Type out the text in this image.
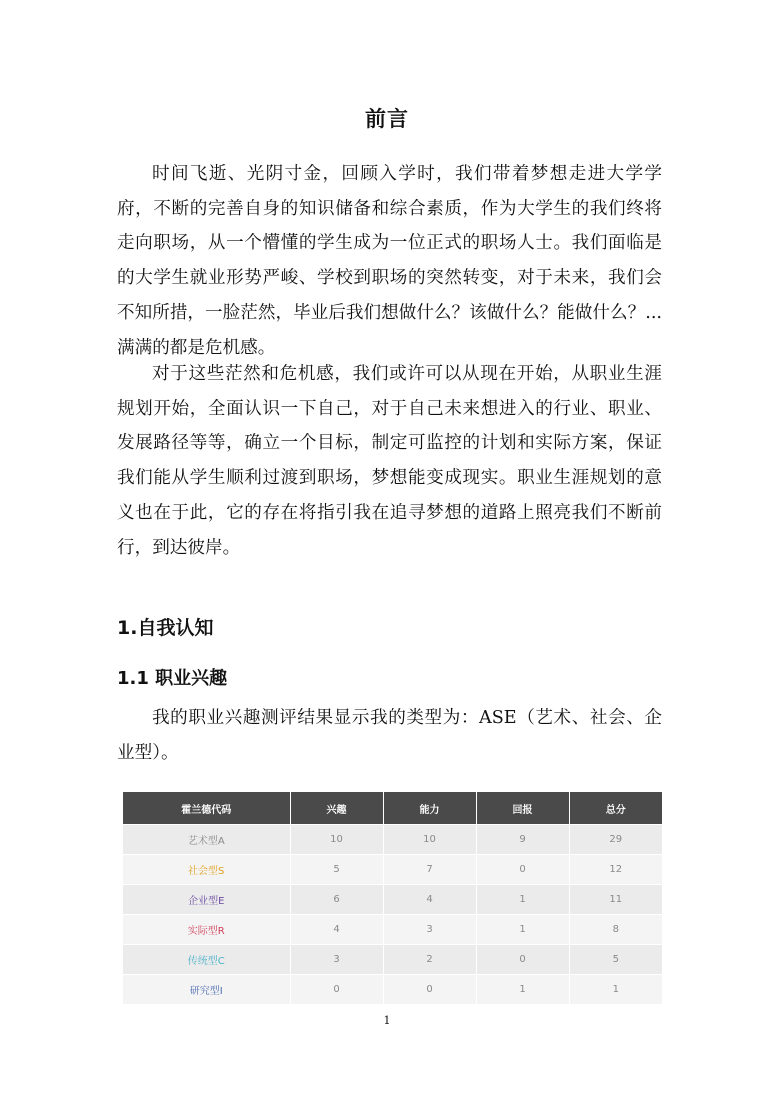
前言

时间飞逝、光阴寸金，回顾入学时，我们带着梦想走进大学学府，不断的完善自身的知识储备和综合素质，作为大学生的我们终将走向职场，从一个懵懂的学生成为一位正式的职场人士。我们面临是的大学生就业形势严峻、学校到职场的突然转变，对于未来，我们会不知所措，一脸茫然，毕业后我们想做什么？该做什么？能做什么？...满满的都是危机感。

对于这些茫然和危机感，我们或许可以从现在开始，从职业生涯规划开始，全面认识一下自己，对于自己未来想进入的行业、职业、发展路径等等，确立一个目标，制定可监控的计划和实际方案，保证我们能从学生顺利过渡到职场，梦想能变成现实。职业生涯规划的意义也在于此，它的存在将指引我在追寻梦想的道路上照亮我们不断前行，到达彼岸。

1.自我认知
1.1 职业兴趣

我的职业兴趣测评结果显示我的类型为：ASE（艺术、社会、企业型）。

霍兰德代码	兴趣	能力	回报	总分
艺术型A	10	10	9	29
社会型S	5	7	0	12
企业型E	6	4	1	11
实际型R	4	3	1	8
传统型C	3	2	0	5
研究型I	0	0	1	1
1
